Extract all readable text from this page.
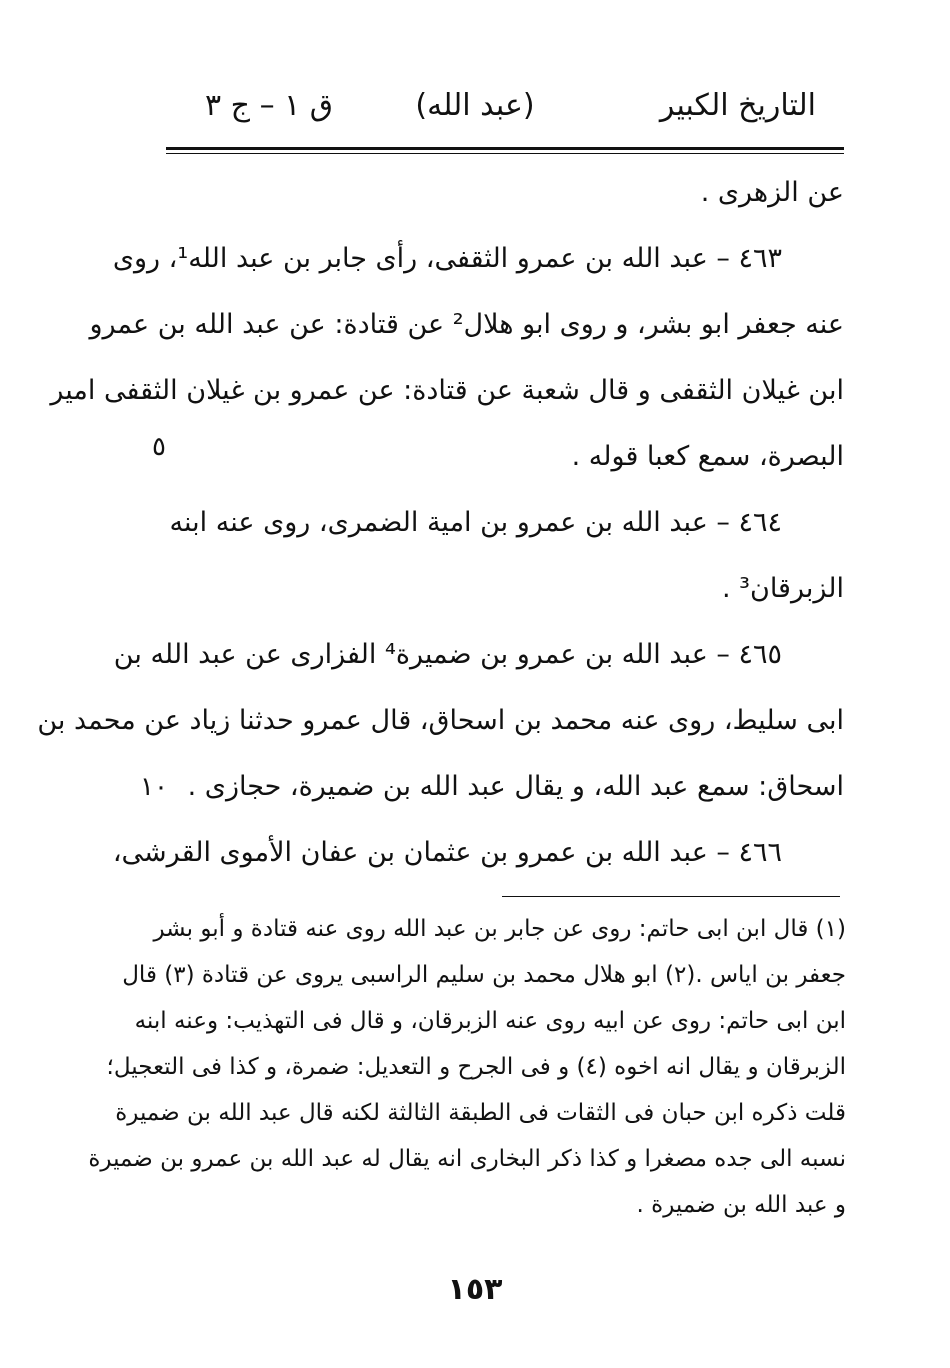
التاريخ الكبير
(عبد الله)
ق ١ – ج ٣
٥
١٠
عن الزهرى .
٤٦٣ – عبد الله بن عمرو الثقفى، رأى جابر بن عبد الله¹، روى
عنه جعفر ابو بشر، و روى ابو هلال² عن قتادة: عن عبد الله بن عمرو
ابن غيلان الثقفى و قال شعبة عن قتادة: عن عمرو بن غيلان الثقفى امير
البصرة، سمع كعبا قوله .
٤٦٤ – عبد الله بن عمرو بن امية الضمرى، روى عنه ابنه
الزبرقان³ .
٤٦٥ – عبد الله بن عمرو بن ضميرة⁴ الفزارى عن عبد الله بن
ابى سليط، روى عنه محمد بن اسحاق، قال عمرو حدثنا زياد عن محمد بن
اسحاق: سمع عبد الله، و يقال عبد الله بن ضميرة، حجازى .
٤٦٦ – عبد الله بن عمرو بن عثمان بن عفان الأموى القرشى،
(١) قال ابن ابى حاتم: روى عن جابر بن عبد الله روى عنه قتادة و أبو بشر
جعفر بن اياس .(٢) ابو هلال محمد بن سليم الراسبى يروى عن قتادة (٣) قال
ابن ابى حاتم: روى عن ابيه روى عنه الزبرقان، و قال فى التهذيب: وعنه ابنه
الزبرقان و يقال انه اخوه (٤) و فى الجرح و التعديل: ضمرة، و كذا فى التعجيل؛
قلت ذكره ابن حبان فى الثقات فى الطبقة الثالثة لكنه قال عبد الله بن ضميرة
نسبه الى جده مصغرا و كذا ذكر البخارى انه يقال له عبد الله بن عمرو بن ضميرة
و عبد الله بن ضميرة .
١٥٣
